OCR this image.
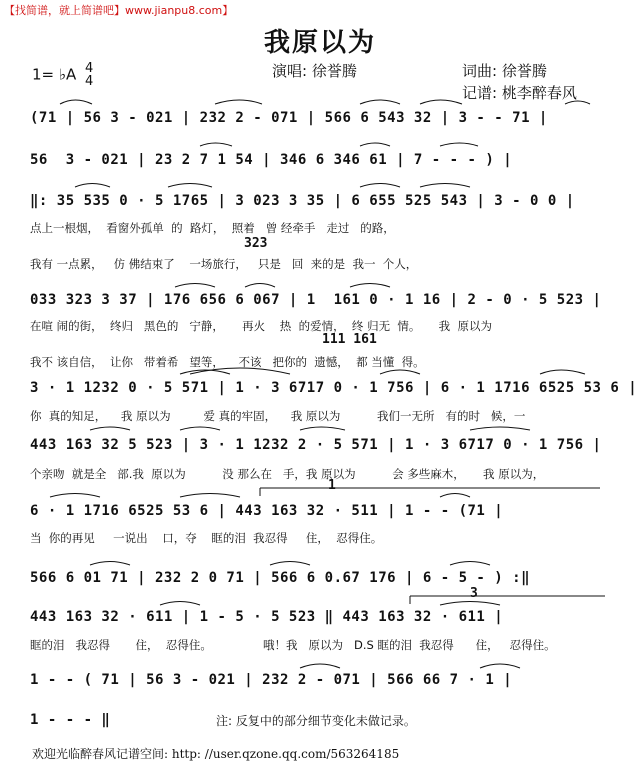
【找简谱，就上简谱吧】www.jianpu8.com】
我原以为
1= ♭A 4
4
演唱: 徐誉腾	词曲: 徐誉腾
记谱: 桃李醉春风
(71 | 56 3 - 021 | 232 2 - 071 | 566 6 543 32 | 3 - - 71 |
56  3 - 021 | 23 2 7 1 54 | 346 6 346 61 | 7 - - - ) |
‖: 35 535 0 · 5 1765 | 3 023 3 35 | 6 655 525 543 | 3 - 0 0 |
点上一根烟，  看窗外孤单  的  路灯，  照着   曾 经牵手   走过   的路，
323
我有 一点累，   仿 佛结束了    一场旅行，   只是   回  来的是  我一  个人，
033 323 3 37 | 176 656 6 067 | 1  161 0 · 1 16 | 2 - 0 · 5 523 |
在喧 闹的街，  终归   黑色的   宁静，     再火    热  的爱情，  终 归无  情。     我  原以为
111 161
我不 该自信，  让你   带着希   望等，    不该   把你的  遗憾，  都 当懂  得。
3 · 1 1232 0 · 5 571 | 1 · 3 6717 0 · 1 756 | 6 · 1 1716 6525 53 6 |
你  真的知足，    我 原以为         爱 真的牢固，    我 原以为          我们一无所   有的时   候，一
443 163 32 5 523 | 3 · 1 1232 2 · 5 571 | 1 · 3 6717 0 · 1 756 |
个亲吻  就是全   部.我  原以为          没 那么在   手，我 原以为          会 多些麻木，     我 原以为，
1
6 · 1 1716 6525 53 6 | 443 163 32 · 511 | 1 - - (71 |
当  你的再见     一说出    口，夺    眶的泪  我忍得     住，  忍得住。
566 6 01 71 | 232 2 0 71 | 566 6 0.67 176 | 6 - 5 - ) :‖
3
443 163 32 · 611 | 1 - 5 · 5 523 ‖ 443 163 32 · 611 |
眶的泪   我忍得       住，  忍得住。              哦！我   原以为   D.S 眶的泪  我忍得      住，   忍得住。
1 - - ( 71 | 56 3 - 021 | 232 2 - 071 | 566 66 7 · 1 |
1 - - - ‖	注: 反复中的部分细节变化未做记录。
欢迎光临醉春风记谱空间: http: //user.qzone.qq.com/563264185
